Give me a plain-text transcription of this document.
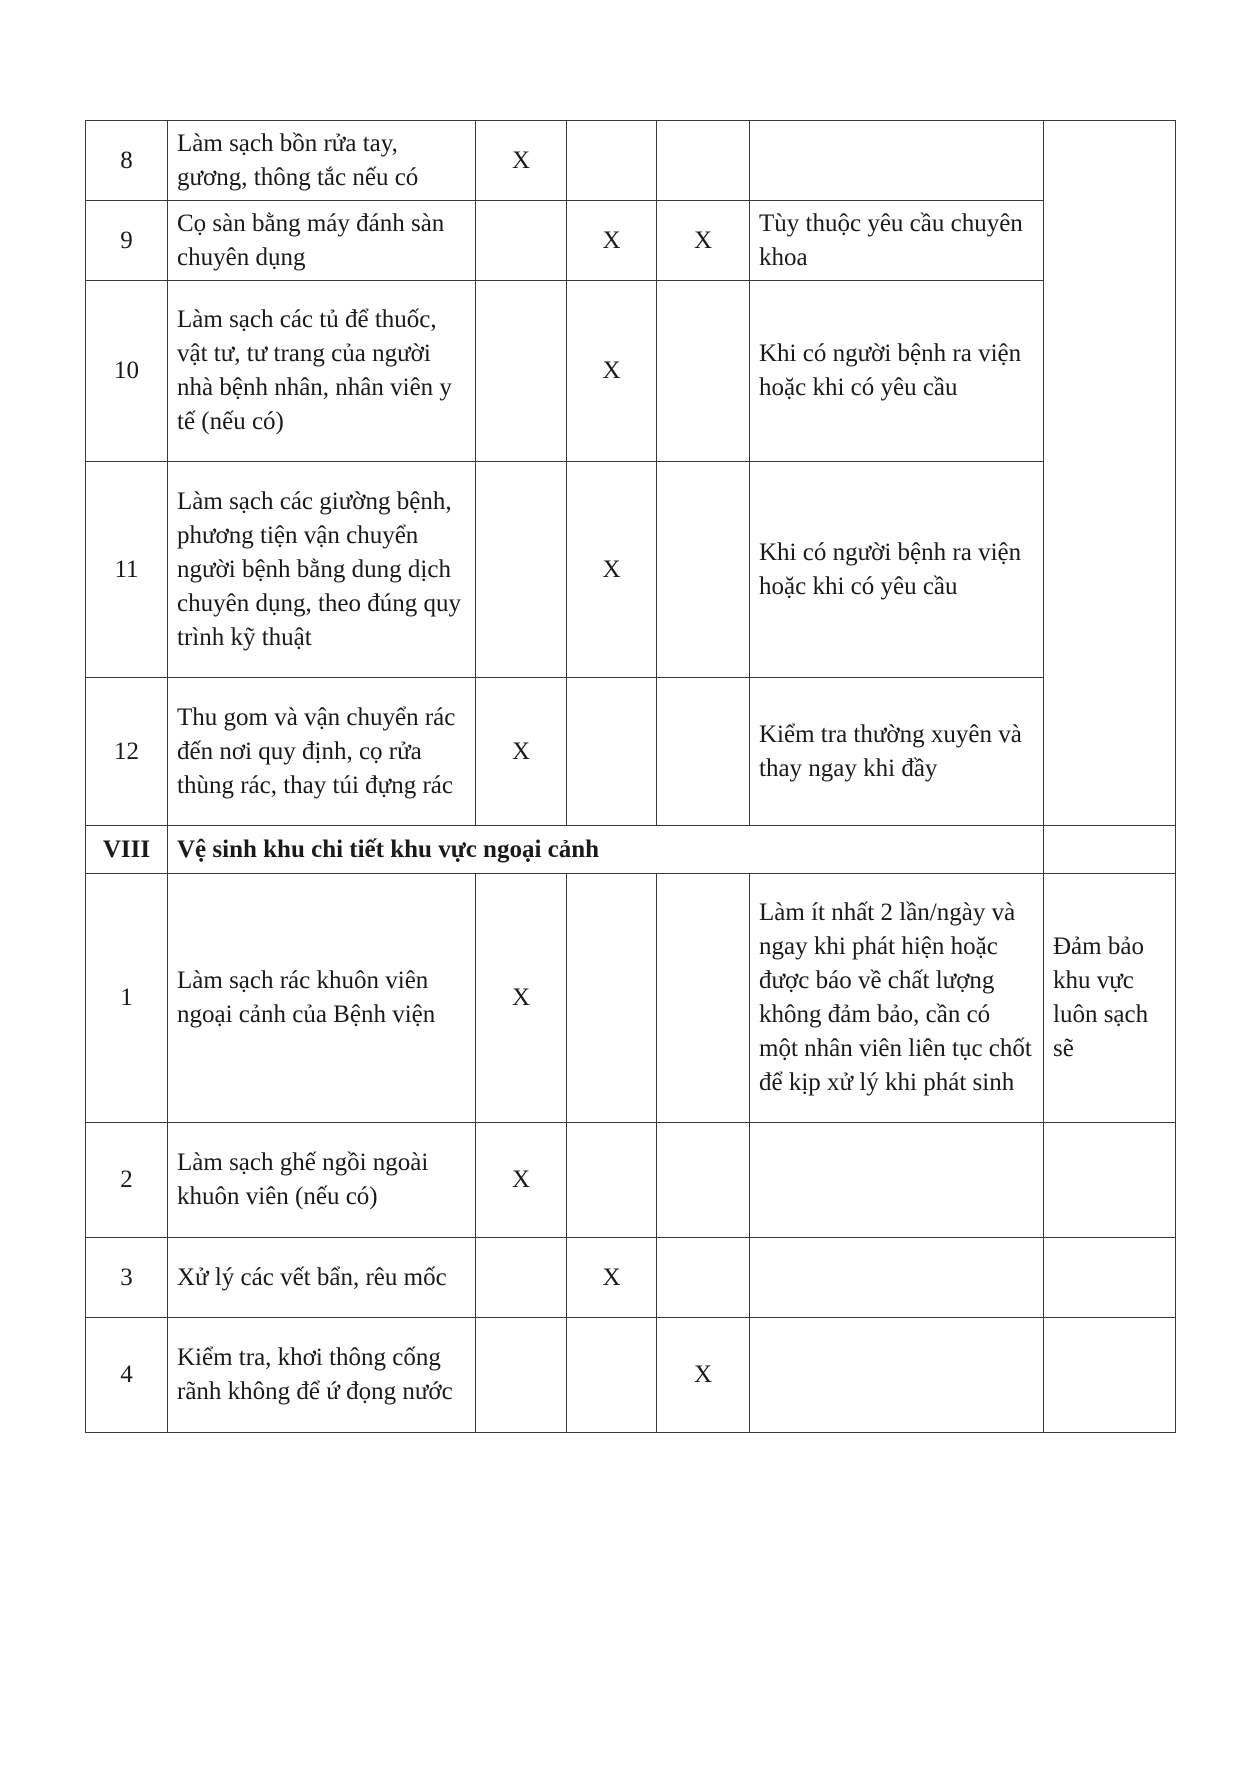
8	Làm sạch bồn rửa tay, gương, thông tắc nếu có	X				
9	Cọ sàn bằng máy đánh sàn chuyên dụng		X	X	Tùy thuộc yêu cầu chuyên khoa	
10	Làm sạch các tủ để thuốc, vật tư, tư trang của người nhà bệnh nhân, nhân viên y tế (nếu có)		X		Khi có người bệnh ra viện hoặc khi có yêu cầu	
11	Làm sạch các giường bệnh, phương tiện vận chuyển người bệnh bằng dung dịch chuyên dụng, theo đúng quy trình kỹ thuật		X		Khi có người bệnh ra viện hoặc khi có yêu cầu	
12	Thu gom và vận chuyển rác đến nơi quy định, cọ rửa thùng rác, thay túi đựng rác	X			Kiểm tra thường xuyên và thay ngay khi đầy	
VIII	Vệ sinh khu chi tiết khu vực ngoại cảnh					
1	Làm sạch rác khuôn viên ngoại cảnh của Bệnh viện	X			Làm ít nhất 2 lần/ngày và ngay khi phát hiện hoặc được báo về chất lượng không đảm bảo, cần có một nhân viên liên tục chốt để kịp xử lý khi phát sinh	Đảm bảo khu vực luôn sạch sẽ
2	Làm sạch ghế ngồi ngoài khuôn viên (nếu có)	X				
3	Xử lý các vết bẩn, rêu mốc		X			
4	Kiểm tra, khơi thông cống rãnh không để ứ đọng nước			X		
